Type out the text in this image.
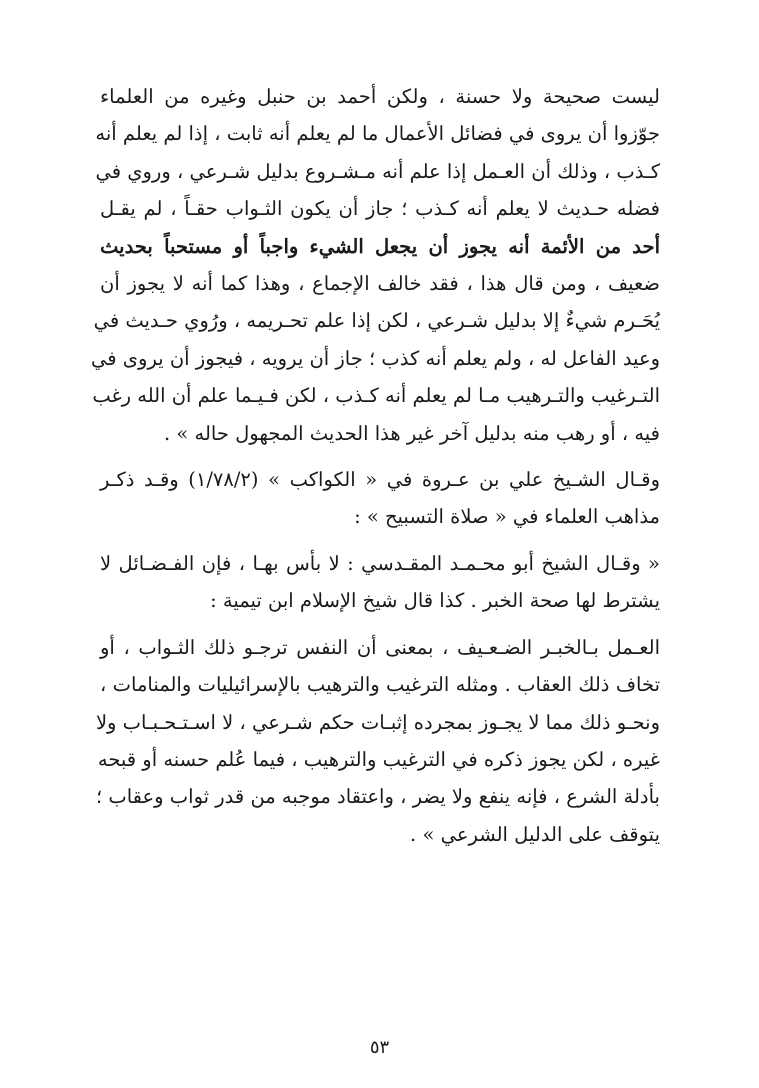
ليست صحيحة ولا حسنة ، ولكن أحمد بن حنبل وغيره من العلماء
جوّزوا أن يروى في فضائل الأعمال ما لم يعلم أنه ثابت ، إذا لم يعلم أنه
كـذب ، وذلك أن العـمل إذا علم أنه مـشـروع بدليل شـرعي ، وروي في
فضله حـديث لا يعلم أنه كـذب ؛ جاز أن يكون الثـواب حقـاً ، لم يقـل
أحد من الأئمة أنه يجوز أن يجعل الشيء واجباً أو مستحباً بحديث
ضعيف ، ومن قال هذا ، فقد خالف الإجماع ، وهذا كما أنه لا يجوز أن
يُحَـرم شيءٌ إلا بدليل شـرعي ، لكن إذا علم تحـريمه ، ورُوي حـديث في
وعيد الفاعل له ، ولم يعلم أنه كذب ؛ جاز أن يرويه ، فيجوز أن يروى في
التـرغيب والتـرهيب مـا لم يعلم أنه كـذب ، لكن فـيـما علم أن الله رغب
فيه ، أو رهب منه بدليل آخر غير هذا الحديث المجهول حاله » .
وقـال الشـيخ علي بن عـروة في « الكواكب » (١/٧٨/٢) وقـد ذكـر
مذاهب العلماء في « صلاة التسبيح » :
« وقـال الشيخ أبو محـمـد المقـدسي : لا بأس بهـا ، فإن الفـضـائل لا
يشترط لها صحة الخبر . كذا قال شيخ الإسلام ابن تيمية :
العـمل بـالخبـر الضـعـيف ، بمعنى أن النفس ترجـو ذلك الثـواب ، أو
تخاف ذلك العقاب . ومثله الترغيب والترهيب بالإسرائيليات والمنامات ،
ونحـو ذلك مما لا يجـوز بمجرده إثبـات حكم شـرعي ، لا اسـتـحـبـاب ولا
غيره ، لكن يجوز ذكره في الترغيب والترهيب ، فيما عُلم حسنه أو قبحه
بأدلة الشرع ، فإنه ينفع ولا يضر ، واعتقاد موجبه من قدر ثواب وعقاب ؛
يتوقف على الدليل الشرعي » .
٥٣
